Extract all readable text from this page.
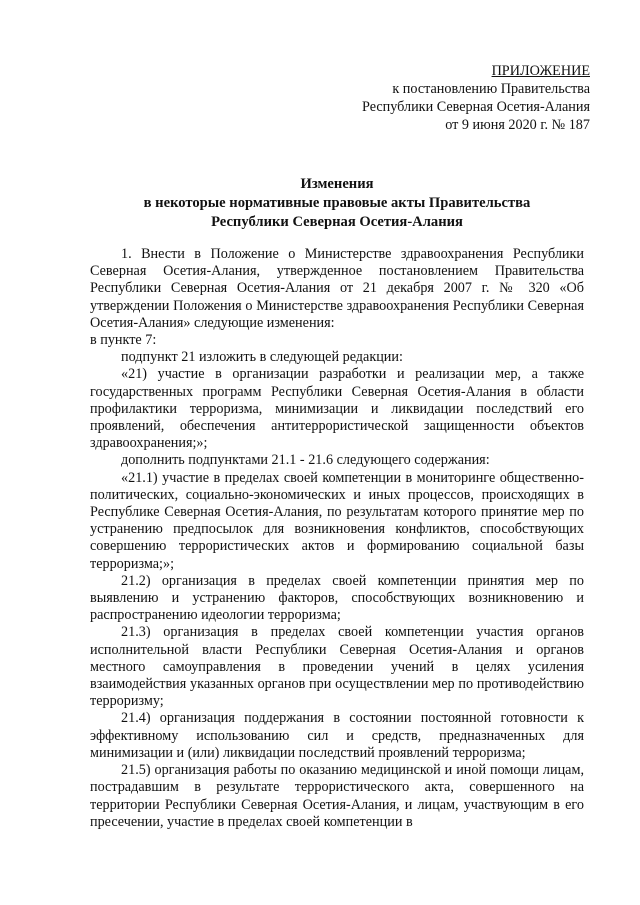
ПРИЛОЖЕНИЕ
к постановлению Правительства
Республики Северная Осетия-Алания
от 9 июня 2020 г. № 187
Изменения
в некоторые нормативные правовые акты Правительства
Республики Северная Осетия-Алания

1. Внести в Положение о Министерстве здравоохранения Республики Северная Осетия-Алания, утвержденное постановлением Правительства Республики Северная Осетия-Алания от 21 декабря 2007 г. № 320 «Об утверждении Положения о Министерстве здравоохранения Республики Северная Осетия-Алания» следующие изменения:

в пункте 7:

подпункт 21 изложить в следующей редакции:

«21) участие в организации разработки и реализации мер, а также государственных программ Республики Северная Осетия-Алания в области профилактики терроризма, минимизации и ликвидации последствий его проявлений, обеспечения антитеррористической защищенности объектов здравоохранения;»;

дополнить подпунктами 21.1 - 21.6 следующего содержания:

«21.1) участие в пределах своей компетенции в мониторинге общественно-политических, социально-экономических и иных процессов, происходящих в Республике Северная Осетия-Алания, по результатам которого принятие мер по устранению предпосылок для возникновения конфликтов, способствующих совершению террористических актов и формированию социальной базы терроризма;»;

21.2) организация в пределах своей компетенции принятия мер по выявлению и устранению факторов, способствующих возникновению и распространению идеологии терроризма;

21.3) организация в пределах своей компетенции участия органов исполнительной власти Республики Северная Осетия-Алания и органов местного самоуправления в проведении учений в целях усиления взаимодействия указанных органов при осуществлении мер по противодействию терроризму;

21.4) организация поддержания в состоянии постоянной готовности к эффективному использованию сил и средств, предназначенных для минимизации и (или) ликвидации последствий проявлений терроризма;

21.5) организация работы по оказанию медицинской и иной помощи лицам, пострадавшим в результате террористического акта, совершенного на территории Республики Северная Осетия-Алания, и лицам, участвующим в его пресечении, участие в пределах своей компетенции в
